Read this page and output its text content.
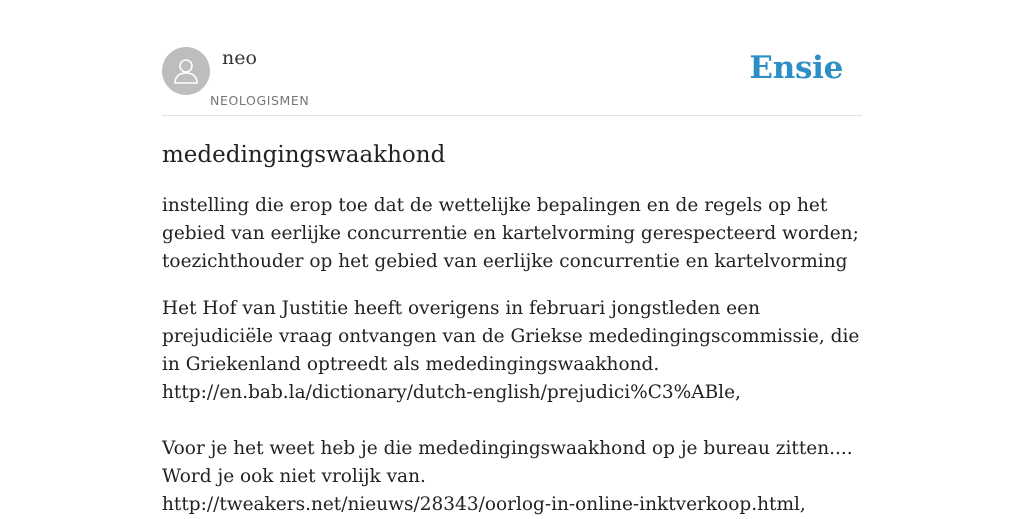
neo
NEOLOGISMEN
Ensie
mededingingswaakhond

instelling die erop toe dat de wettelijke bepalingen en de regels op het gebied van eerlijke concurrentie en kartelvorming gerespecteerd worden; toezichthouder op het gebied van eerlijke concurrentie en kartelvorming

Het Hof van Justitie heeft overigens in februari jongstleden een prejudiciële vraag ontvangen van de Griekse mededingingscommissie, die in Griekenland optreedt als mededingingswaakhond.
http://en.bab.la/dictionary/dutch-english/prejudici%C3%ABle,
Voor je het weet heb je die mededingingswaakhond op je bureau zitten.... Word je ook niet vrolijk van.
http://tweakers.net/nieuws/28343/oorlog-in-online-inktverkoop.html,
